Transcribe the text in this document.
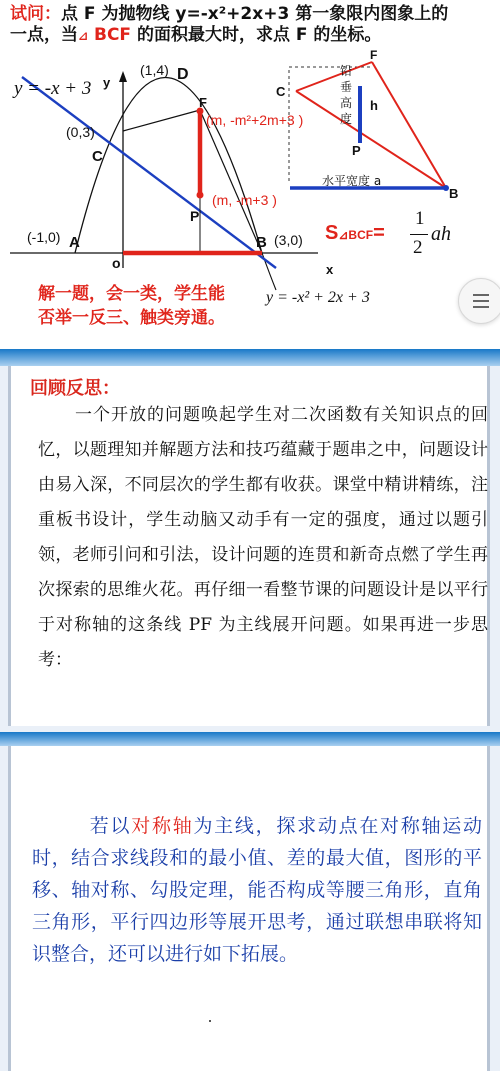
试问：点 F 为抛物线 y=-x²+2x+3 第一象限内图象上的一点，当⊿ BCF 的面积最大时，求点 F 的坐标。

y = -x + 3 y
(1,4) D
(0,3)
C
F
(m, -m²+2m+3 )
(m, -m+3 )
P
(-1,0) A	B (3,0)
o	x
y = -x² + 2x + 3
C
F
B
P
h
铅
垂
高
度
水平宽度 a
S⊿BCF=
1
2
ah

解一题，会一类，学生能
否举一反三、触类旁通。

回顾反思：

一个开放的问题唤起学生对二次函数有关知识点的回忆，以题理知并解题方法和技巧蕴藏于题串之中，问题设计由易入深，不同层次的学生都有收获。课堂中精讲精练，注重板书设计，学生动脑又动手有一定的强度，通过以题引领，老师引问和引法，设计问题的连贯和新奇点燃了学生再次探索的思维火花。再仔细一看整节课的问题设计是以平行于对称轴的这条线 PF 为主线展开问题。如果再进一步思考：

若以对称轴为主线，探求动点在对称轴运动时，结合求线段和的最小值、差的最大值，图形的平移、轴对称、勾股定理，能否构成等腰三角形，直角三角形，平行四边形等展开思考，通过联想串联将知识整合，还可以进行如下拓展。
